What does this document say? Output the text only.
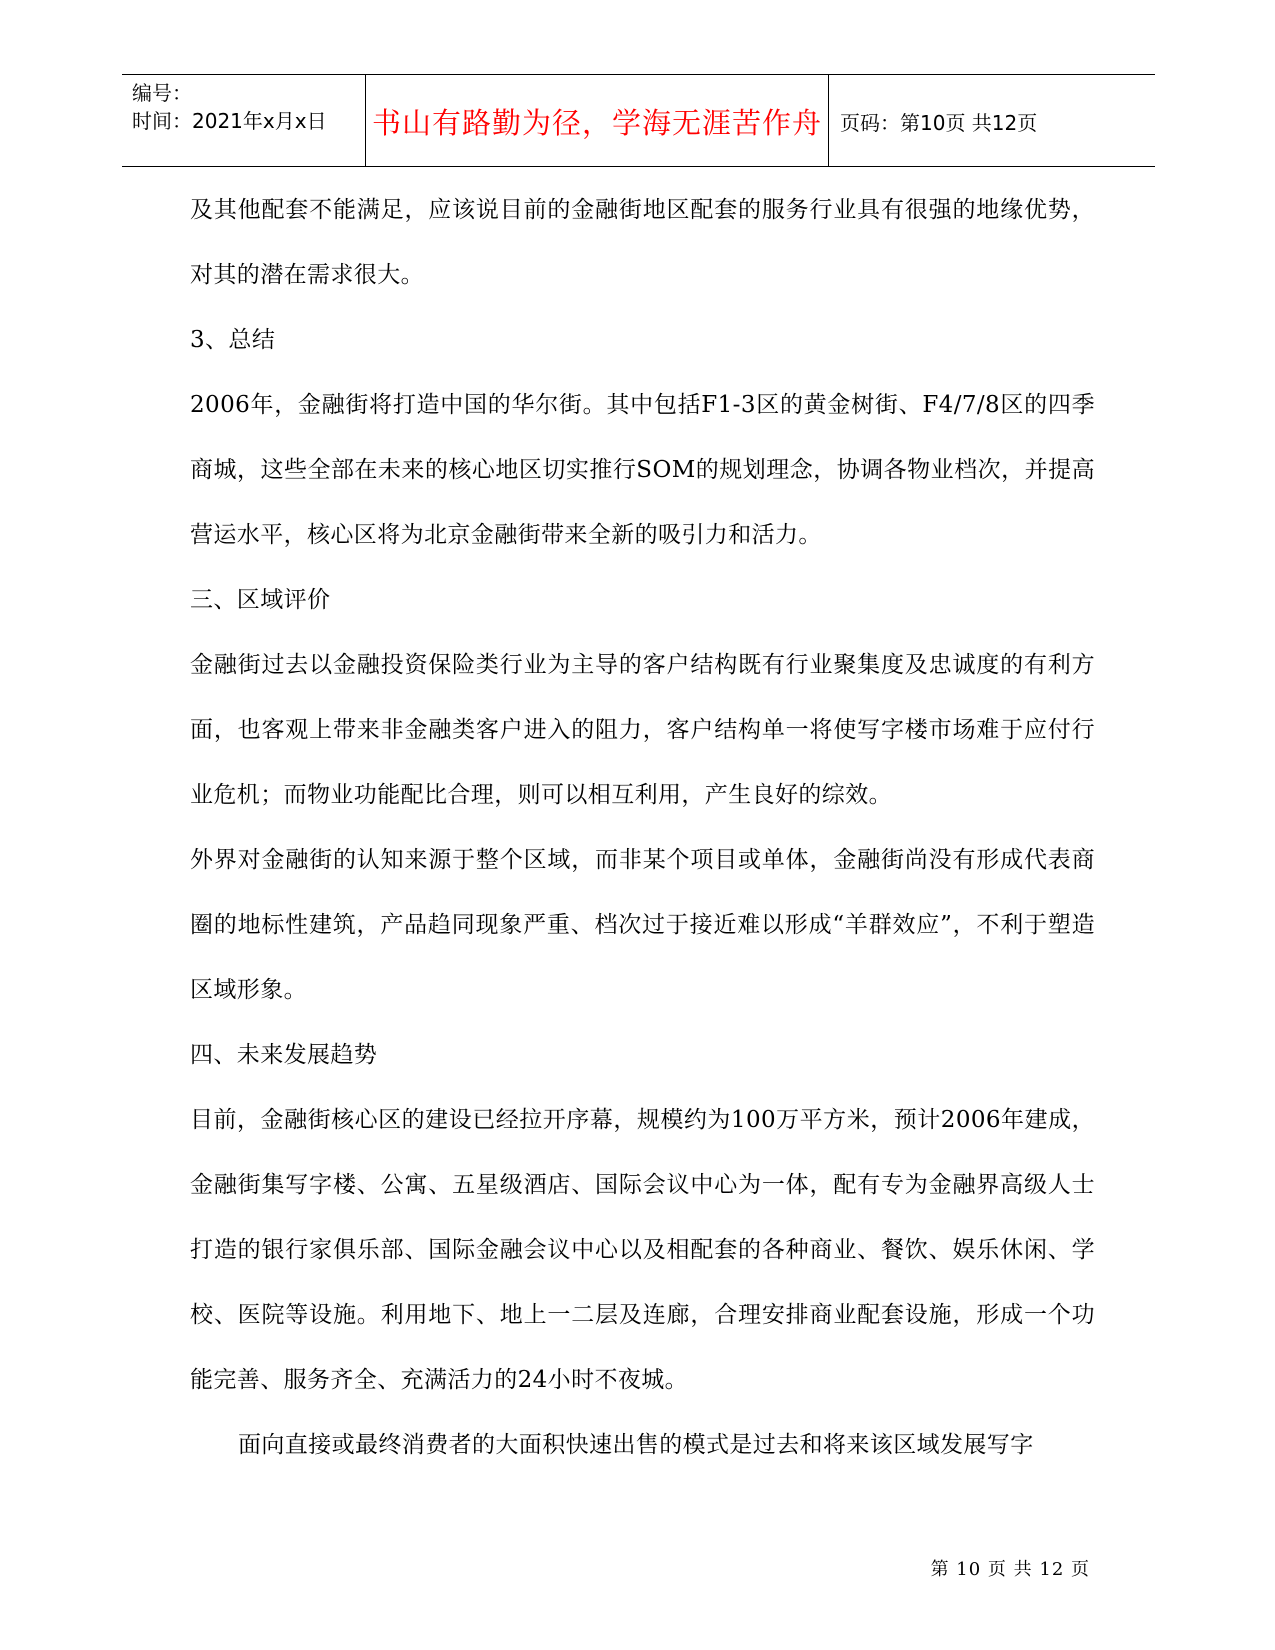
编号：
时间：2021年x月x日	书山有路勤为径，学海无涯苦作舟 页码：第10页 共12页

及其他配套不能满足，应该说目前的金融街地区配套的服务行业具有很强的地缘优势，对其的潜在需求很大。

3、总结

2006年，金融街将打造中国的华尔街。其中包括F1-3区的黄金树街、F4/7/8区的四季商城，这些全部在未来的核心地区切实推行SOM的规划理念，协调各物业档次，并提高营运水平，核心区将为北京金融街带来全新的吸引力和活力。

三、区域评价

金融街过去以金融投资保险类行业为主导的客户结构既有行业聚集度及忠诚度的有利方面，也客观上带来非金融类客户进入的阻力，客户结构单一将使写字楼市场难于应付行业危机；而物业功能配比合理，则可以相互利用，产生良好的综效。

外界对金融街的认知来源于整个区域，而非某个项目或单体，金融街尚没有形成代表商圈的地标性建筑，产品趋同现象严重、档次过于接近难以形成“羊群效应”，不利于塑造区域形象。

四、未来发展趋势

目前，金融街核心区的建设已经拉开序幕，规模约为100万平方米，预计2006年建成，金融街集写字楼、公寓、五星级酒店、国际会议中心为一体，配有专为金融界高级人士打造的银行家俱乐部、国际金融会议中心以及相配套的各种商业、餐饮、娱乐休闲、学校、医院等设施。利用地下、地上一二层及连廊，合理安排商业配套设施，形成一个功能完善、服务齐全、充满活力的24小时不夜城。

面向直接或最终消费者的大面积快速出售的模式是过去和将来该区域发展写字

第 10 页 共 12 页
